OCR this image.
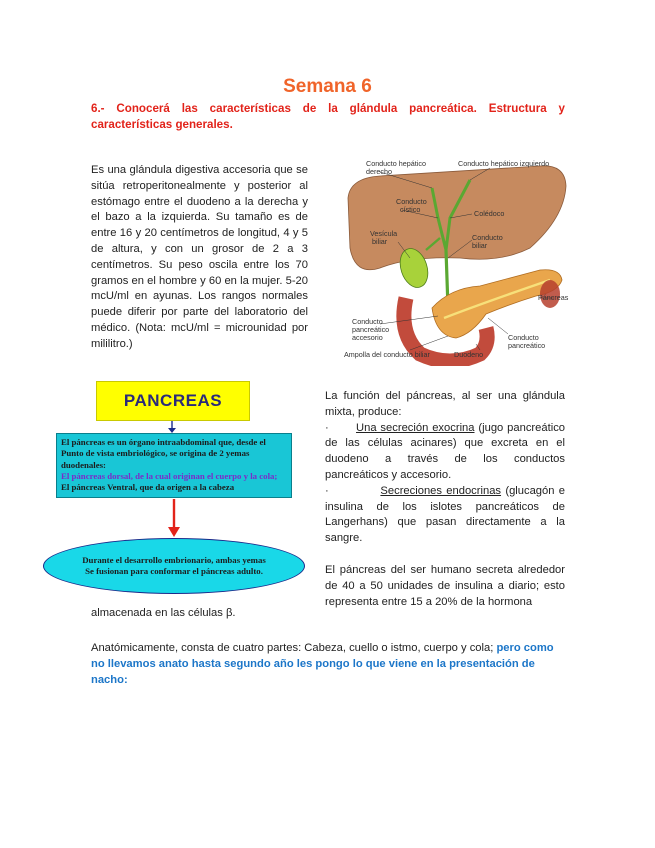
Semana 6
6.- Conocerá las características de la glándula pancreática. Estructura y características generales.
Es una glándula digestiva accesoria que se sitúa retroperitonealmente y posterior al estómago entre el duodeno a la derecha y el bazo a la izquierda. Su tamaño es de entre 16 y 20 centímetros de longitud, 4 y 5 de altura, y con un grosor de 2 a 3 centímetros. Su peso oscila entre los 70 gramos en el hombre y 60 en la mujer. 5-20 mcU/ml en ayunas. Los rangos normales puede diferir por parte del laboratorio del médico. (Nota: mcU/ml = microunidad por mililitro.)
Conducto hepático
derecho
Conducto hepático izquierdo
Conducto
cístico	Colédoco
Vesícula
biliar	Conducto
biliar
Páncreas
Conducto
pancreático
accesorio	Conducto
pancreático
Ampolla del conducto biliar	Duodeno
PANCREAS
El páncreas es un órgano intraabdominal que, desde el Punto de vista embriológico, se origina de 2 yemas duodenales:
El páncreas dorsal, de la cual originan el cuerpo y la cola;
El páncreas Ventral, que da origen a la cabeza
Durante el desarrollo embrionario, ambas yemas
Se fusionan para conformar el páncreas adulto.

La función del páncreas, al ser una glándula mixta, produce:

· Una secreción exocrina (jugo pancreático de las células acinares) que excreta en el duodeno a través de los conductos pancreáticos y accesorio.

·	Secreciones endocrinas (glucagón e insulina de los islotes pancreáticos de Langerhans) que pasan directamente a la sangre.

El páncreas del ser humano secreta alrededor de 40 a 50 unidades de insulina a diario; esto representa entre 15 a 20% de la hormona

almacenada en las células β.
Anatómicamente, consta de cuatro partes: Cabeza, cuello o istmo, cuerpo y cola; pero como no llevamos anato hasta segundo año les pongo lo que viene en la presentación de nacho:
